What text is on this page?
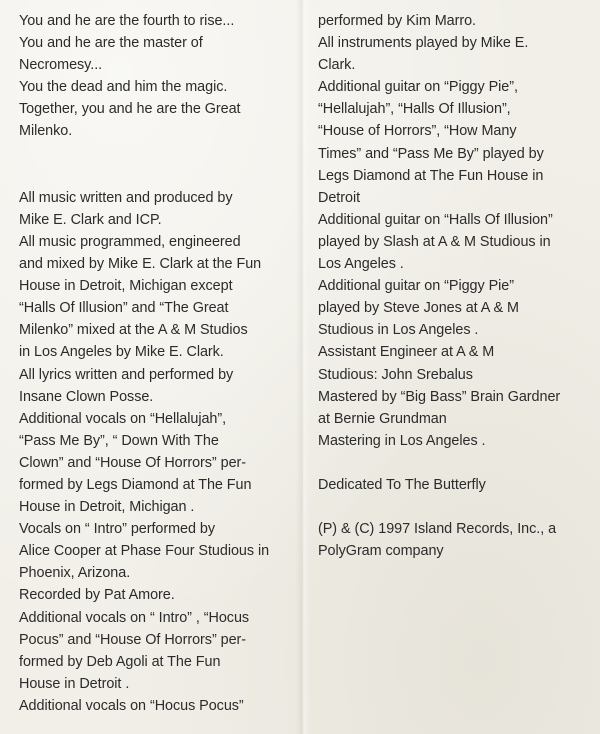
You and he are the fourth to rise...
You and he are the master of
Necromesy...
You the dead and him the magic.
Together, you and he are the Great
Milenko.
All music written and produced by
Mike E. Clark and ICP.
All music programmed, engineered
and mixed by Mike E. Clark at the Fun
House in Detroit, Michigan except
“Halls Of Illusion” and “The Great
Milenko” mixed at the A & M Studios
in Los Angeles by Mike E. Clark.
All lyrics written and performed by
Insane Clown Posse.
Additional vocals on “Hellalujah”,
“Pass Me By”, “ Down With The
Clown” and “House Of Horrors” per-
formed by Legs Diamond at The Fun
House in Detroit, Michigan .
Vocals on “ Intro” performed by
Alice Cooper at Phase Four Studious in
Phoenix, Arizona.
Recorded by Pat Amore.
Additional vocals on “ Intro” , “Hocus
Pocus” and “House Of Horrors” per-
formed by Deb Agoli at The Fun
House in Detroit .
Additional vocals on “Hocus Pocus”
performed by Kim Marro.
All instruments played by Mike E.
Clark.
Additional guitar on “Piggy Pie”,
“Hellalujah”, “Halls Of Illusion”,
“House of Horrors”, “How Many
Times” and “Pass Me By” played by
Legs Diamond at The Fun House in
Detroit
Additional guitar on “Halls Of Illusion”
played by Slash at A & M Studious in
Los Angeles .
Additional guitar on “Piggy Pie”
played by Steve Jones at A & M
Studious in Los Angeles .
Assistant Engineer at A & M
Studious: John Srebalus
Mastered by “Big Bass” Brain Gardner
at Bernie Grundman
Mastering in Los Angeles .
Dedicated To The Butterfly
(P) & (C) 1997 Island Records, Inc., a
PolyGram company
